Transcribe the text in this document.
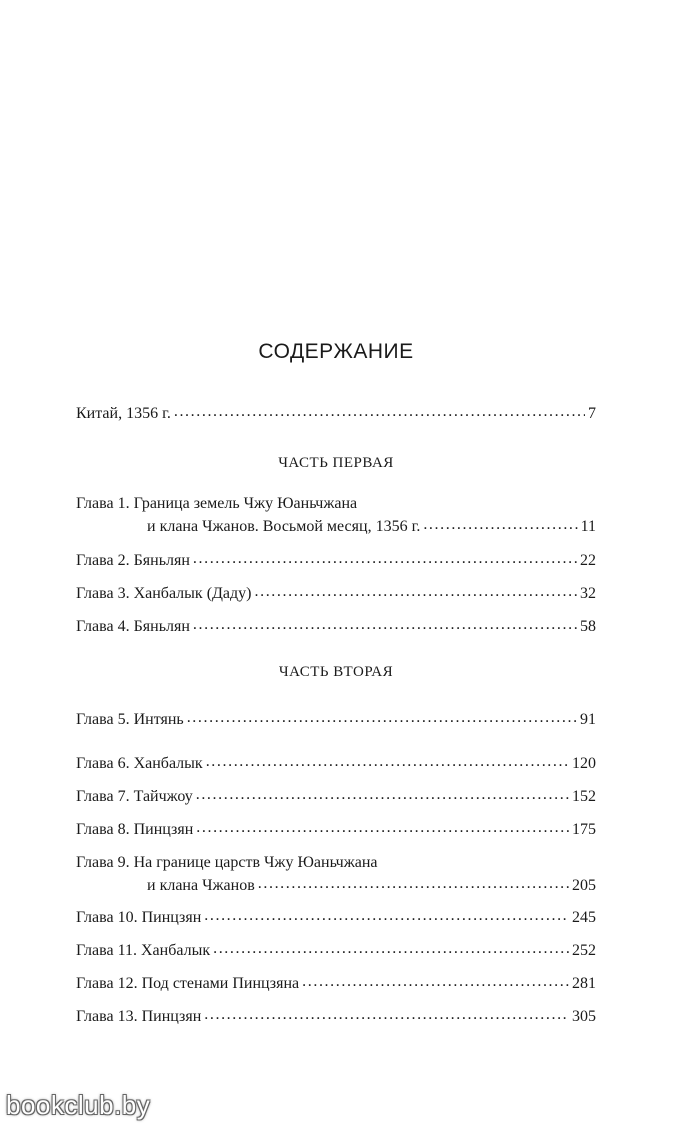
СОДЕРЖАНИЕ
Китай, 1356 г. . . .	7
ЧАСТЬ ПЕРВАЯ
Глава 1. Граница земель Чжу Юаньчжана
и клана Чжанов. Восьмой месяц, 1356 г. . . .	11
Глава 2. Бяньлян . . .	22
Глава 3. Ханбалык (Даду) . . .	32
Глава 4. Бяньлян . . .	58
ЧАСТЬ ВТОРАЯ
Глава 5. Интянь . . .	91
Глава 6. Ханбалык . . .	120
Глава 7. Тайчжоу . . .	152
Глава 8. Пинцзян . . .	175
Глава 9. На границе царств Чжу Юаньчжана
и клана Чжанов . . .	205
Глава 10. Пинцзян . . .	245
Глава 11. Ханбалык . . .	252
Глава 12. Под стенами Пинцзяна . . .	281
Глава 13. Пинцзян . . .	305
bookclub.by
